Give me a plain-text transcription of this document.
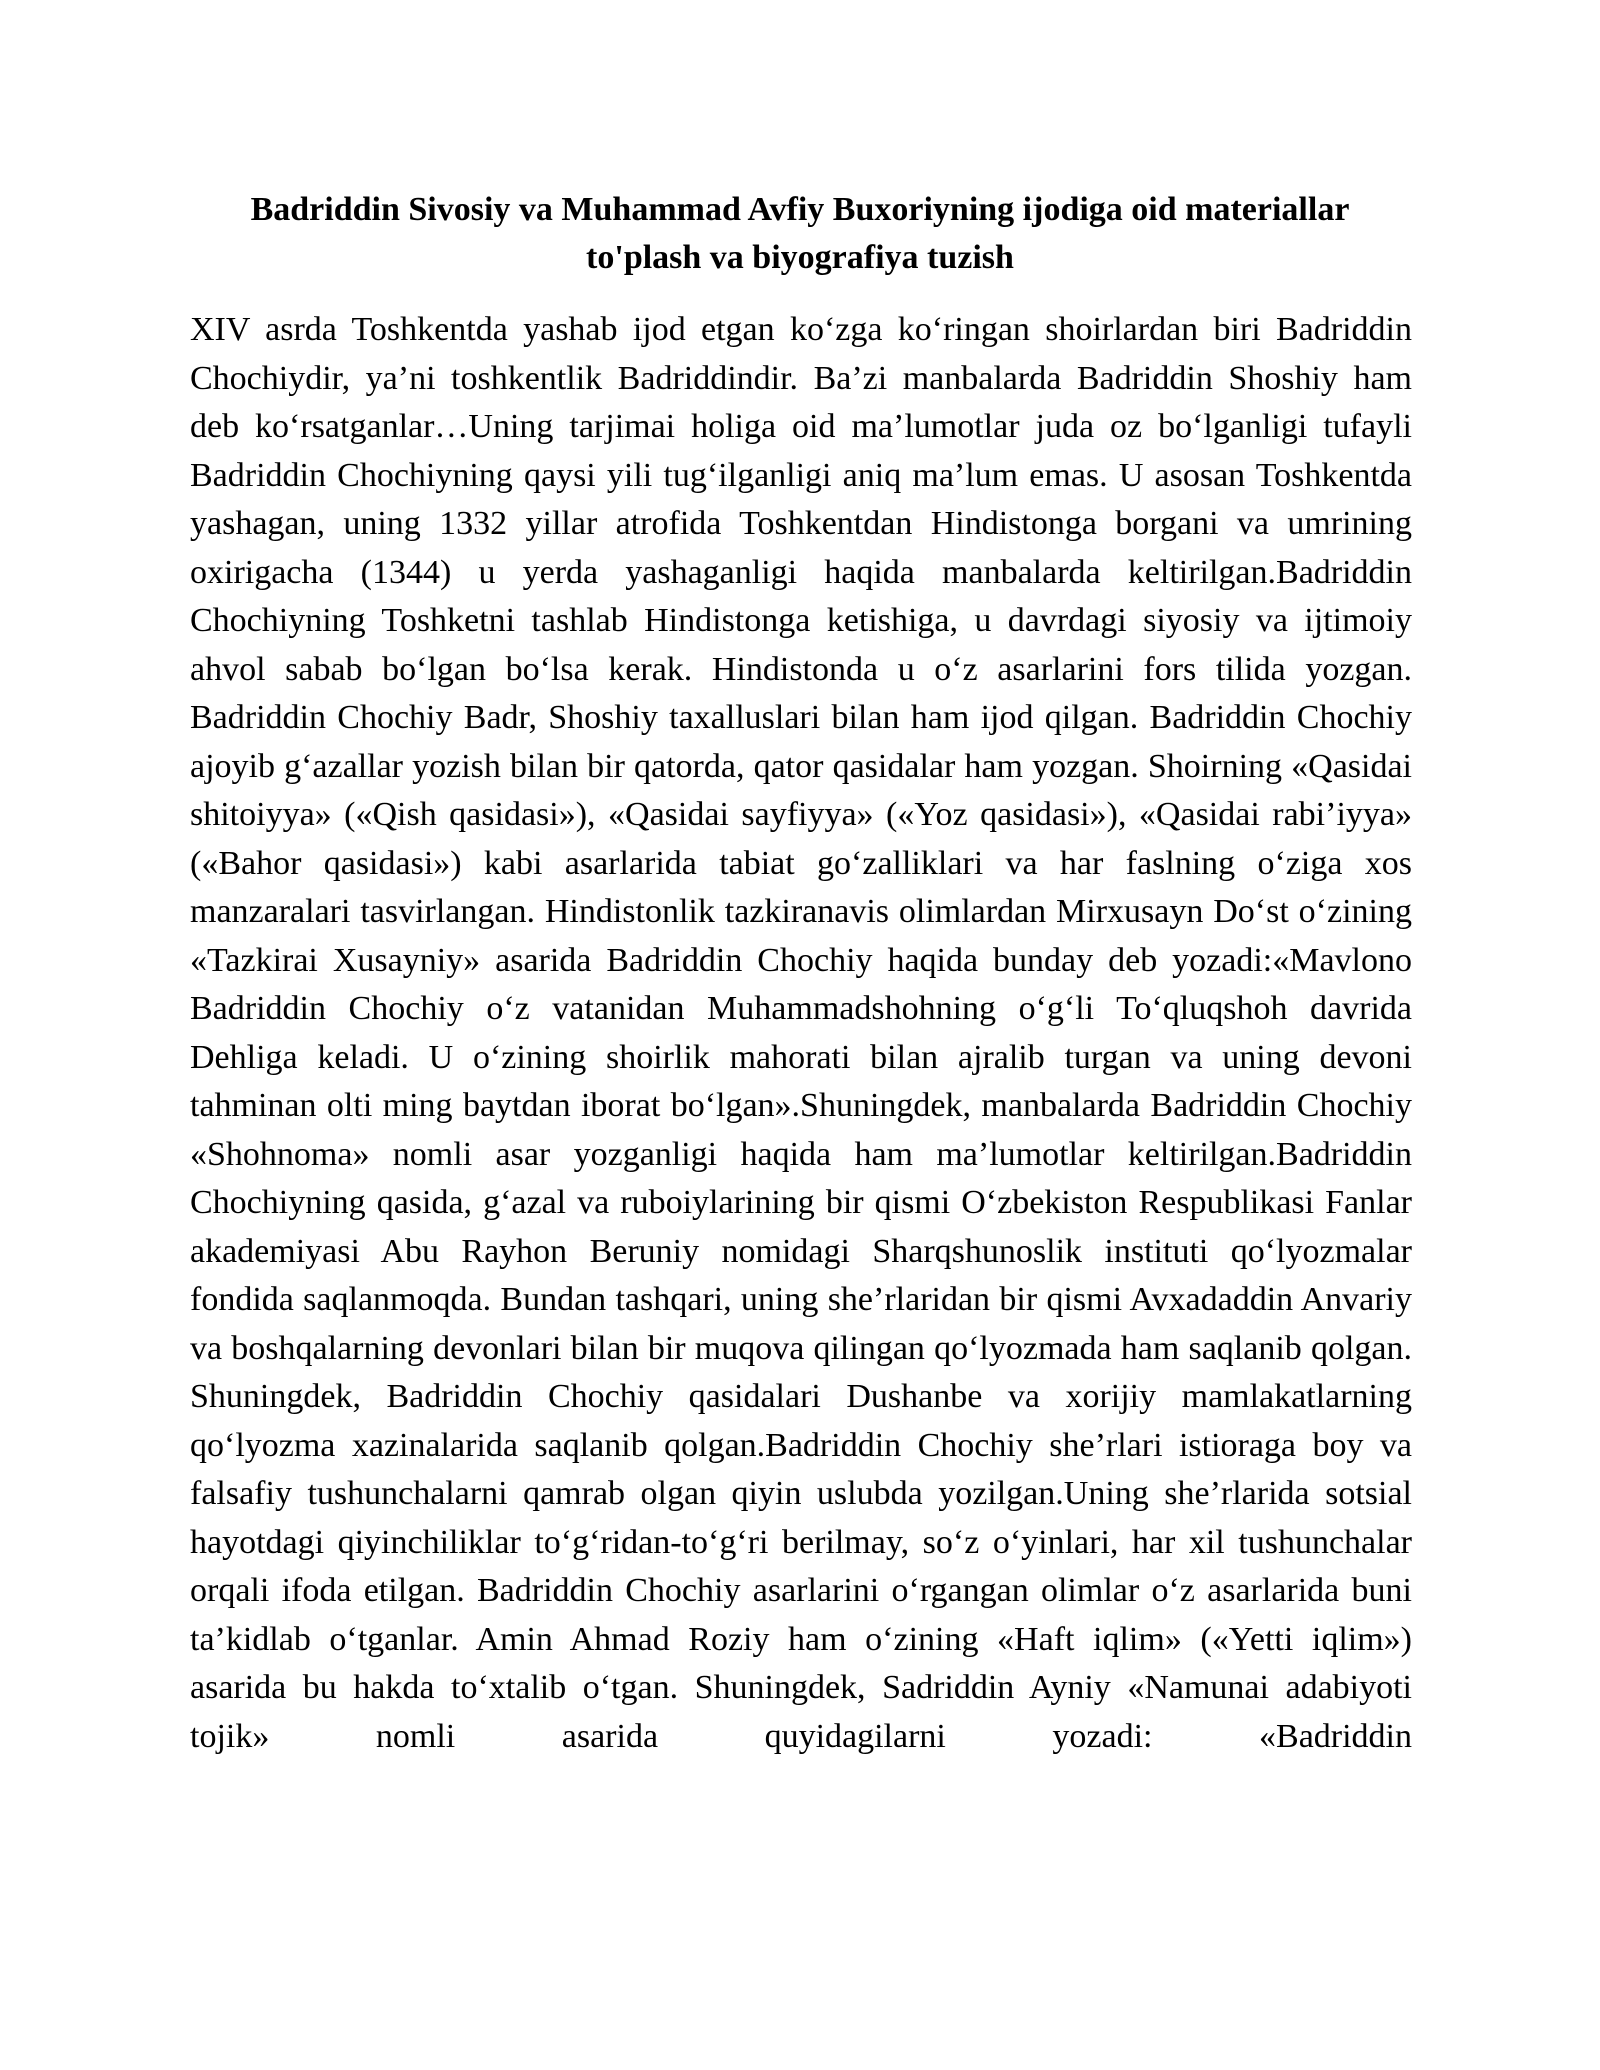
Badriddin Sivosiy va Muhammad Avfiy Buxoriyning ijodiga oid materiallar
to'plash va biyografiya tuzish

XIV asrda Toshkentda yashab ijod etgan ko‘zga ko‘ringan shoirlardan biri Badriddin Chochiydir, ya’ni toshkentlik Badriddindir. Ba’zi manbalarda Badriddin Shoshiy ham deb ko‘rsatganlar…Uning tarjimai holiga oid ma’lumotlar juda oz bo‘lganligi tufayli Badriddin Chochiyning qaysi yili tug‘ilganligi aniq ma’lum emas. U asosan Toshkentda yashagan, uning 1332 yillar atrofida Toshkentdan Hindistonga borgani va umrining oxirigacha (1344) u yerda yashaganligi haqida manbalarda keltirilgan.Badriddin Chochiyning Toshketni tashlab Hindistonga ketishiga, u davrdagi siyosiy va ijtimoiy ahvol sabab bo‘lgan bo‘lsa kerak. Hindistonda u o‘z asarlarini fors tilida yozgan. Badriddin Chochiy Badr, Shoshiy taxalluslari bilan ham ijod qilgan. Badriddin Chochiy ajoyib g‘azallar yozish bilan bir qatorda, qator qasidalar ham yozgan. Shoirning «Qasidai shitoiyya» («Qish qasidasi»), «Qasidai sayfiyya» («Yoz qasidasi»), «Qasidai rabi’iyya» («Bahor qasidasi») kabi asarlarida tabiat go‘zalliklari va har faslning o‘ziga xos manzaralari tasvirlangan. Hindistonlik tazkiranavis olimlardan Mirxusayn Do‘st o‘zining «Tazkirai Xusayniy» asarida Badriddin Chochiy haqida bunday deb yozadi:«Mavlono Badriddin Chochiy o‘z vatanidan Muhammadshohning o‘g‘li To‘qluqshoh davrida Dehliga keladi. U o‘zining shoirlik mahorati bilan ajralib turgan va uning devoni tahminan olti ming baytdan iborat bo‘lgan».Shuningdek, manbalarda Badriddin Chochiy «Shohnoma» nomli asar yozganligi haqida ham ma’lumotlar keltirilgan.Badriddin Chochiyning qasida, g‘azal va ruboiylarining bir qismi O‘zbekiston Respublikasi Fanlar akademiyasi Abu Rayhon Beruniy nomidagi Sharqshunoslik instituti qo‘lyozmalar fondida saqlanmoqda. Bundan tashqari, uning she’rlaridan bir qismi Avxadaddin Anvariy va boshqalarning devonlari bilan bir muqova qilingan qo‘lyozmada ham saqlanib qolgan. Shuningdek, Badriddin Chochiy qasidalari Dushanbe va xorijiy mamlakatlarning qo‘lyozma xazinalarida saqlanib qolgan.Badriddin Chochiy she’rlari istioraga boy va falsafiy tushunchalarni qamrab olgan qiyin uslubda yozilgan.Uning she’rlarida sotsial hayotdagi qiyinchiliklar to‘g‘ridan-to‘g‘ri berilmay, so‘z o‘yinlari, har xil tushunchalar orqali ifoda etilgan. Badriddin Chochiy asarlarini o‘rgangan olimlar o‘z asarlarida buni ta’kidlab o‘tganlar. Amin Ahmad Roziy ham o‘zining «Haft iqlim» («Yetti iqlim») asarida bu hakda to‘xtalib o‘tgan. Shuningdek, Sadriddin Ayniy «Namunai adabiyoti tojik» nomli asarida quyidagilarni yozadi: «Badriddin
